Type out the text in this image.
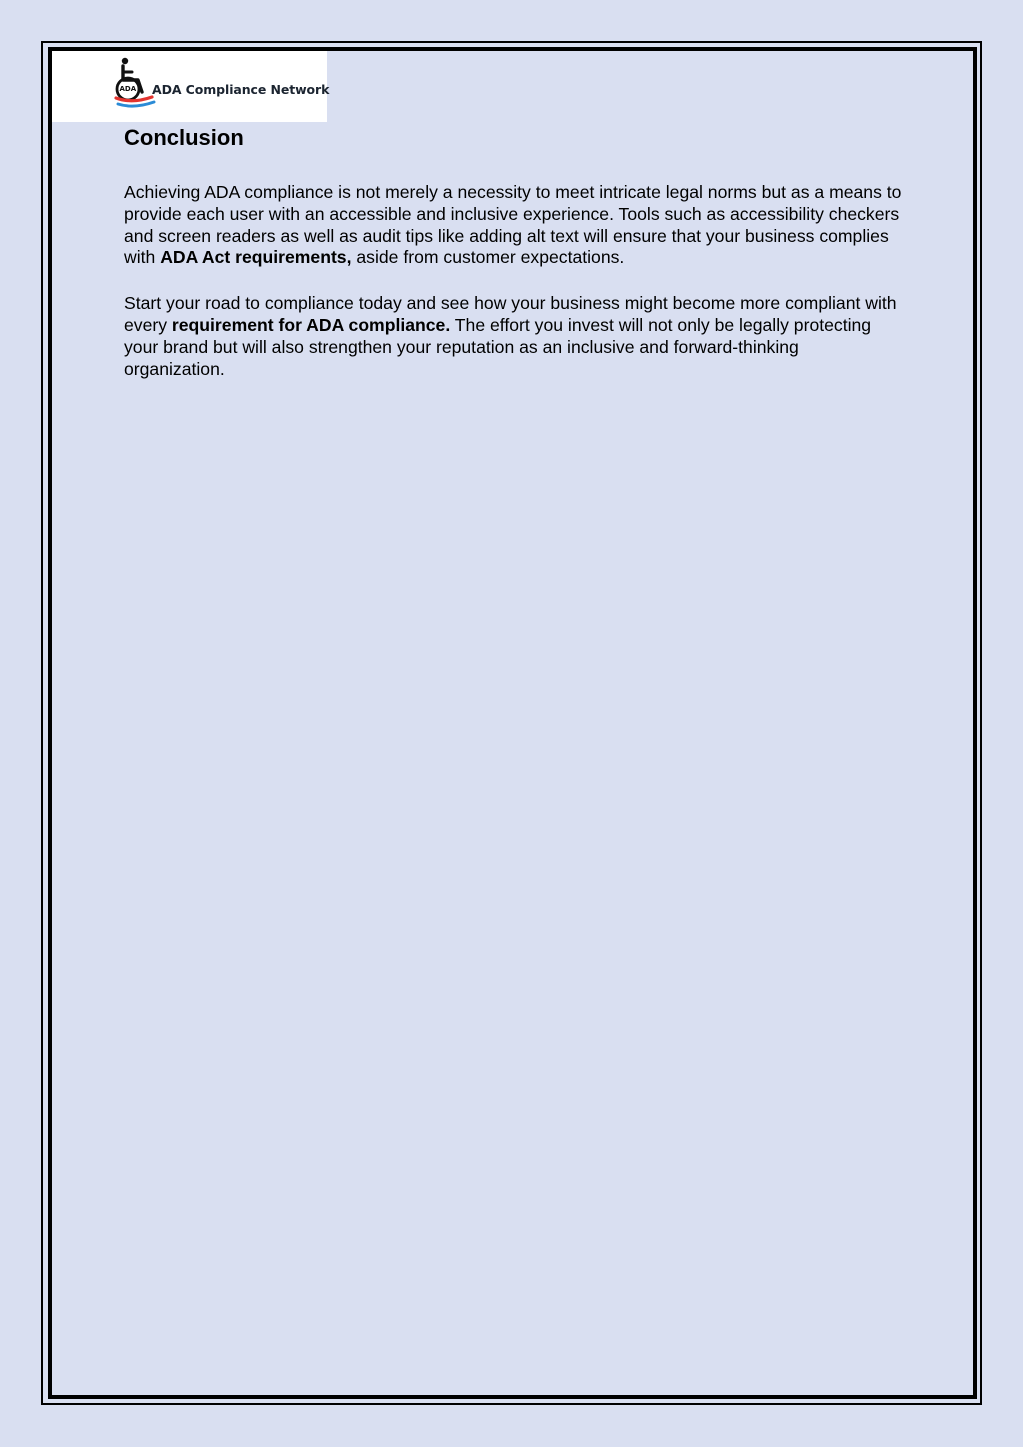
ADA ADA Compliance Network
Conclusion

Achieving ADA compliance is not merely a necessity to meet intricate legal norms but as a means to provide each user with an accessible and inclusive experience. Tools such as accessibility checkers and screen readers as well as audit tips like adding alt text will ensure that your business complies with ADA Act requirements, aside from customer expectations.

Start your road to compliance today and see how your business might become more compliant with every requirement for ADA compliance. The effort you invest will not only be legally protecting your brand but will also strengthen your reputation as an inclusive and forward-thinking organization.
